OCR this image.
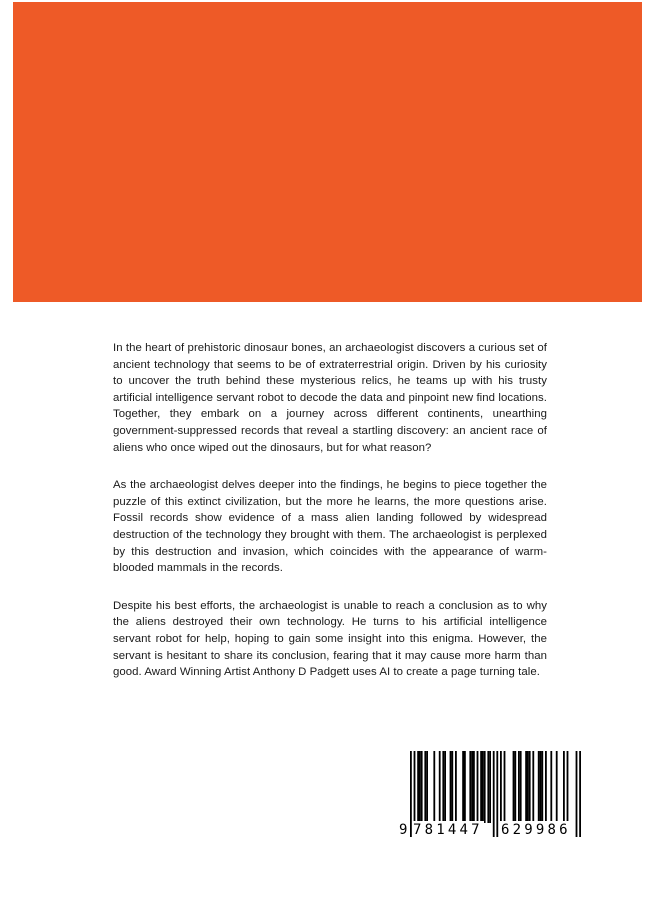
In the heart of prehistoric dinosaur bones, an archaeologist discovers a curious set of ancient technology that seems to be of extraterrestrial origin. Driven by his curiosity to uncover the truth behind these mysterious relics, he teams up with his trusty artificial intelligence servant robot to decode the data and pinpoint new find locations. Together, they embark on a journey across different continents, unearthing government-suppressed records that reveal a startling discovery: an ancient race of aliens who once wiped out the dinosaurs, but for what reason?

As the archaeologist delves deeper into the findings, he begins to piece together the puzzle of this extinct civilization, but the more he learns, the more questions arise. Fossil records show evidence of a mass alien landing followed by widespread destruction of the technology they brought with them. The archaeologist is perplexed by this destruction and invasion, which coincides with the appearance of warm-blooded mammals in the records.

Despite his best efforts, the archaeologist is unable to reach a conclusion as to why the aliens destroyed their own technology. He turns to his artificial intelligence servant robot for help, hoping to gain some insight into this enigma. However, the servant is hesitant to share its conclusion, fearing that it may cause more harm than good. Award Winning Artist Anthony D Padgett uses AI to create a page turning tale.

9 781447 629986
